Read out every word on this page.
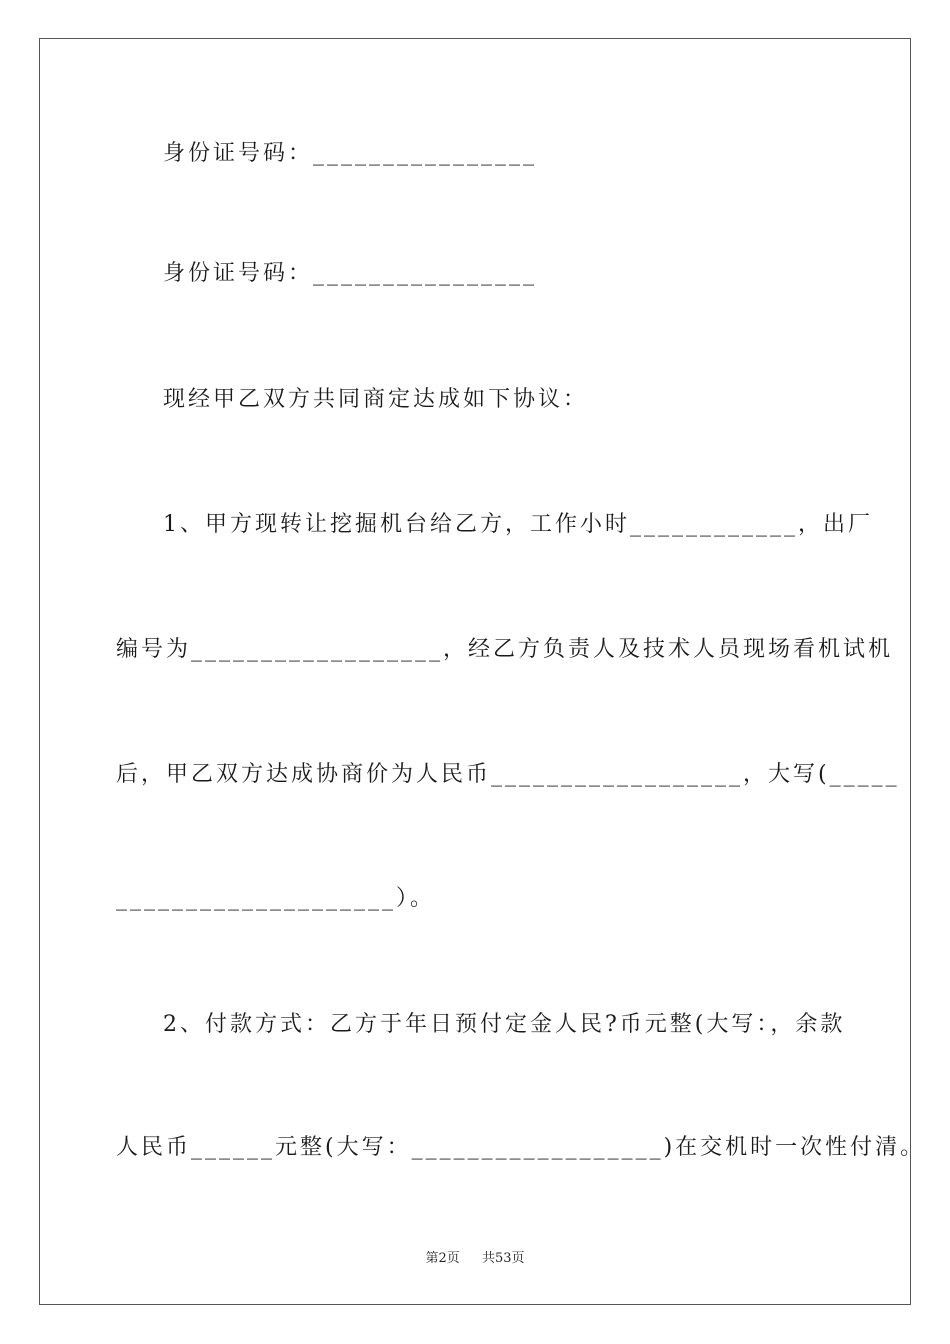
身份证号码：________________
身份证号码：________________
现经甲乙双方共同商定达成如下协议：
1、甲方现转让挖掘机台给乙方，工作小时____________，出厂
编号为__________________，经乙方负责人及技术人员现场看机试机
后，甲乙双方达成协商价为人民币__________________，大写(_____
____________________）。
2、付款方式：乙方于年日预付定金人民?币元整(大写：，余款
人民币______元整(大写：__________________)在交机时一次性付清。
第2页 共53页
